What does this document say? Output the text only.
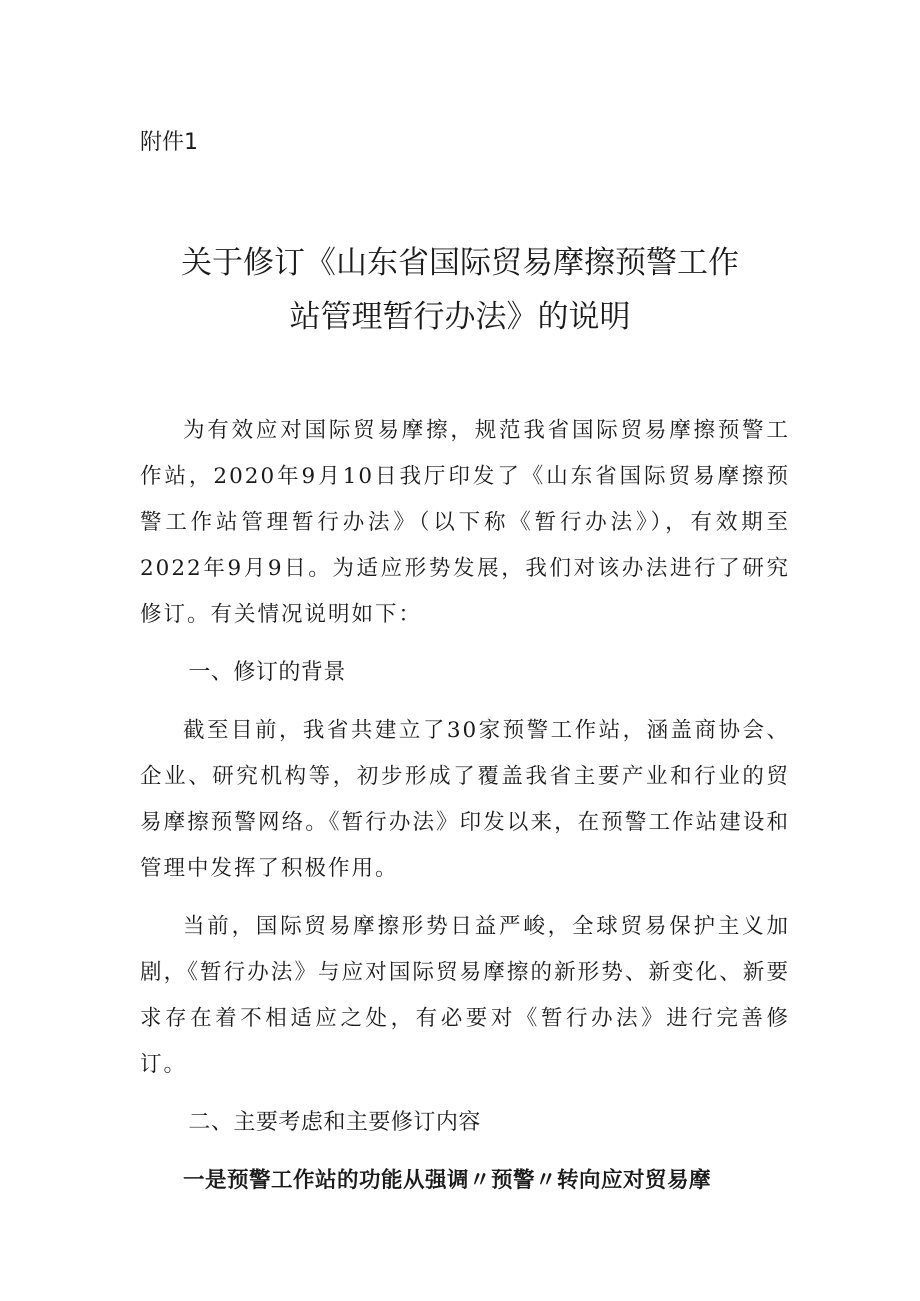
附件1

关于修订《山东省国际贸易摩擦预警工作
站管理暂行办法》的说明

为有效应对国际贸易摩擦，规范我省国际贸易摩擦预警工作站，2020年9月10日我厅印发了《山东省国际贸易摩擦预警工作站管理暂行办法》（以下称《暂行办法》），有效期至2022年9月9日。为适应形势发展，我们对该办法进行了研究修订。有关情况说明如下：

一、修订的背景

截至目前，我省共建立了30家预警工作站，涵盖商协会、企业、研究机构等，初步形成了覆盖我省主要产业和行业的贸易摩擦预警网络。《暂行办法》印发以来，在预警工作站建设和管理中发挥了积极作用。

当前，国际贸易摩擦形势日益严峻，全球贸易保护主义加剧，《暂行办法》与应对国际贸易摩擦的新形势、新变化、新要求存在着不相适应之处，有必要对《暂行办法》进行完善修订。

二、主要考虑和主要修订内容

一是预警工作站的功能从强调〃预警〃转向应对贸易摩
